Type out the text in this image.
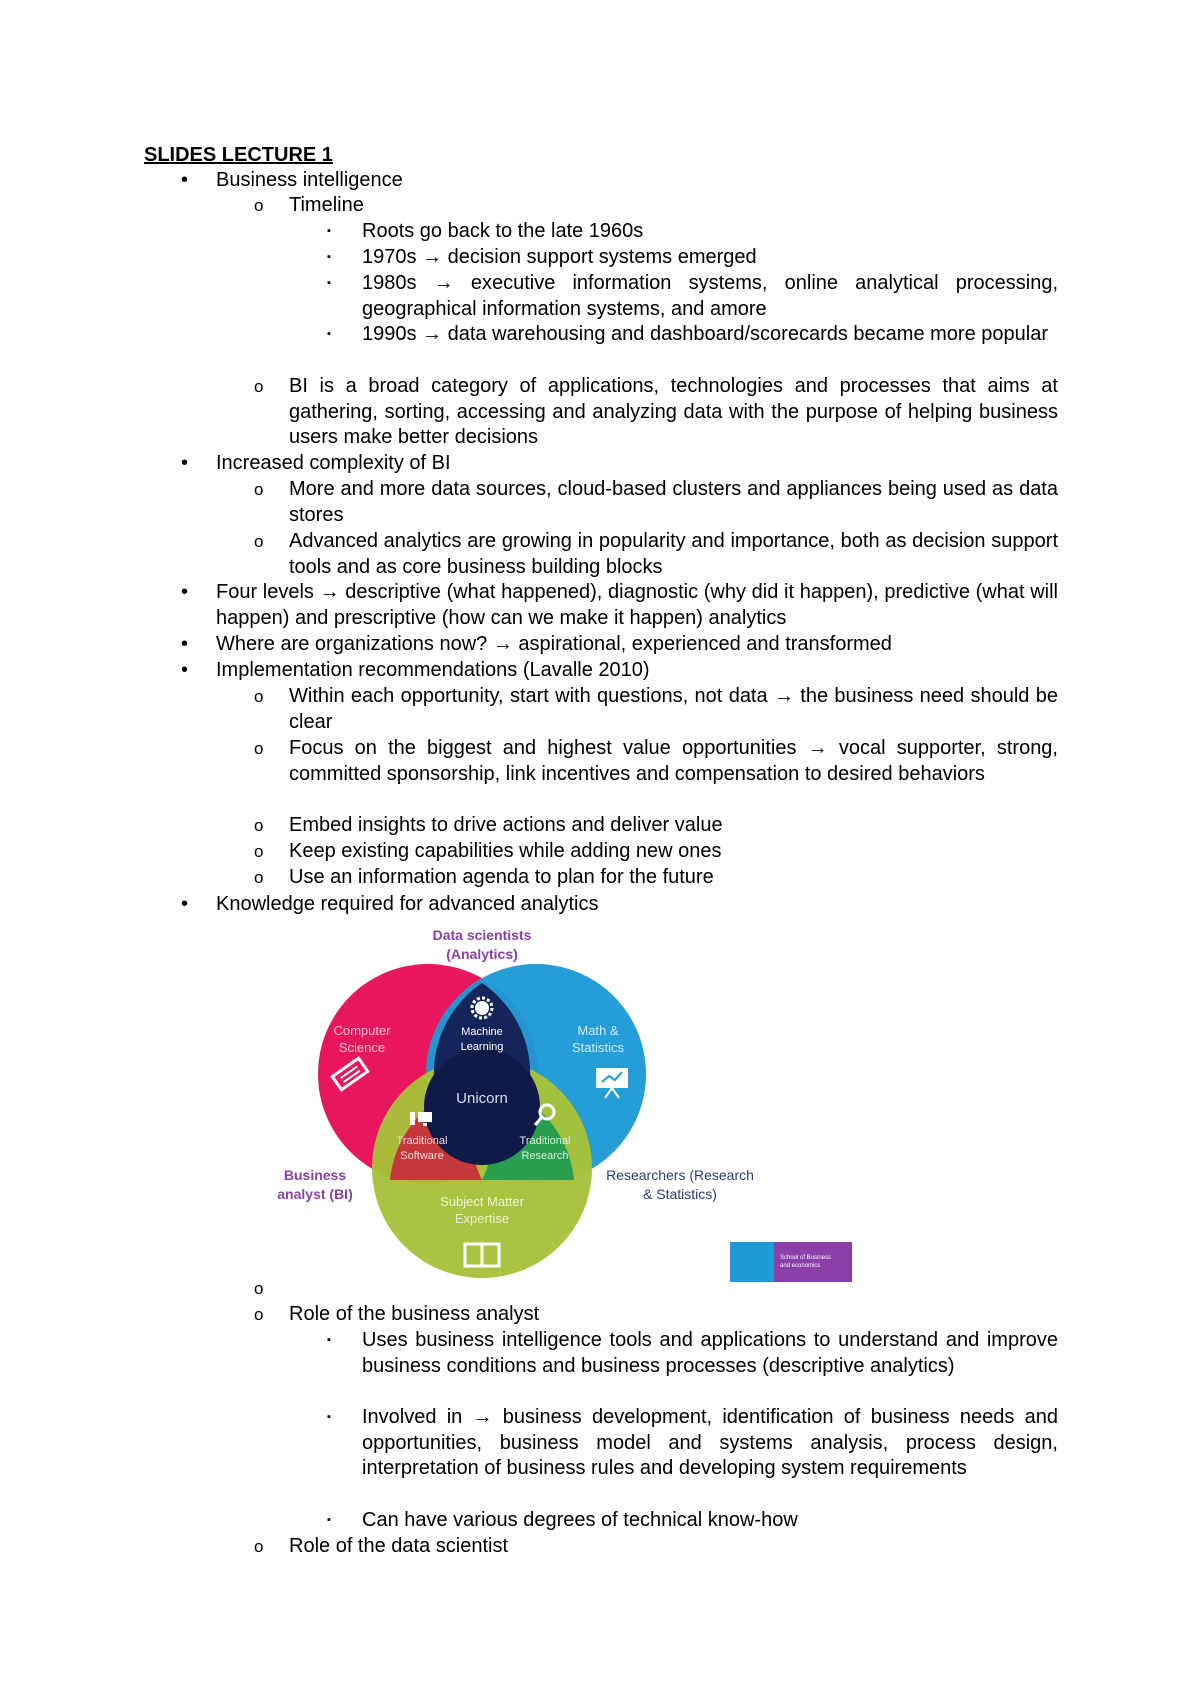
SLIDES LECTURE 1
• Business intelligence
o Timeline
▪ Roots go back to the late 1960s
▪ 1970s → decision support systems emerged
▪ 1980s → executive information systems, online analytical processing, geographical information systems, and amore
▪ 1990s → data warehousing and dashboard/scorecards became more popular
o BI is a broad category of applications, technologies and processes that aims at gathering, sorting, accessing and analyzing data with the purpose of helping business users make better decisions
• Increased complexity of BI
o More and more data sources, cloud-based clusters and appliances being used as data stores
o Advanced analytics are growing in popularity and importance, both as decision support tools and as core business building blocks
• Four levels → descriptive (what happened), diagnostic (why did it happen), predictive (what will happen) and prescriptive (how can we make it happen) analytics
• Where are organizations now? → aspirational, experienced and transformed
• Implementation recommendations (Lavalle 2010)
o Within each opportunity, start with questions, not data → the business need should be clear
o Focus on the biggest and highest value opportunities → vocal supporter, strong, committed sponsorship, link incentives and compensation to desired behaviors
o Embed insights to drive actions and deliver value
o Keep existing capabilities while adding new ones
o Use an information agenda to plan for the future
• Knowledge required for advanced analytics
Data scientists
(Analytics)
Computer
Science
Math &
Statistics
Machine
Learning
Unicorn
Traditional
Software
Traditional
Research
Subject Matter
Expertise
Business
analyst (BI)
Researchers (Research
& Statistics)
School of Business
and economics
o
o Role of the business analyst
▪ Uses business intelligence tools and applications to understand and improve business conditions and business processes (descriptive analytics)
▪ Involved in → business development, identification of business needs and opportunities, business model and systems analysis, process design, interpretation of business rules and developing system requirements
▪ Can have various degrees of technical know-how
o Role of the data scientist
